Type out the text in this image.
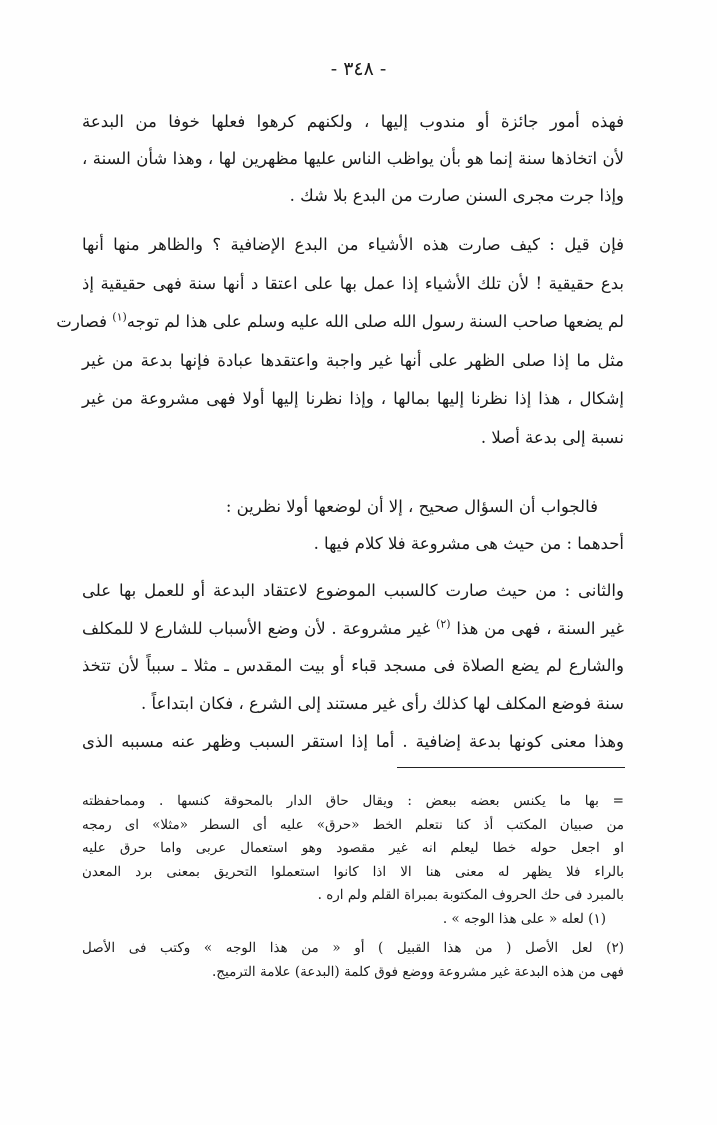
- ٣٤٨ -
فهذه أمور جائزة أو مندوب إليها ، ولكنهم كرهوا فعلها خوفا من البدعة
لأن اتخاذها سنة إنما هو بأن يواظب الناس عليها مظهرين لها ، وهذا شأن السنة ،
وإذا جرت مجرى السنن صارت من البدع بلا شك .
فإن قيل : كيف صارت هذه الأشياء من البدع الإضافية ؟ والظاهر منها أنها
بدع حقيقية ! لأن تلك الأشياء إذا عمل بها على اعتقا د أنها سنة فهى حقيقية إذ
لم يضعها صاحب السنة رسول الله صلى الله عليه وسلم على هذا لم توجه$^{(١)}$ فصارت
مثل ما إذا صلى الظهر على أنها غير واجبة واعتقدها عبادة فإنها بدعة من غير
إشكال ، هذا إذا نظرنا إليها بمالها ، وإذا نظرنا إليها أولا فهى مشروعة من غير
نسبة إلى بدعة أصلا .
فالجواب أن السؤال صحيح ، إلا أن لوضعها أولا نظرين :
أحدهما : من حيث هى مشروعة فلا كلام فيها .
والثانى : من حيث صارت كالسبب الموضوع لاعتقاد البدعة أو للعمل بها على
غير السنة ، فهى من هذا $^{(٢)}$ غير مشروعة . لأن وضع الأسباب للشارع لا للمكلف
والشارع لم يضع الصلاة فى مسجد قباء أو بيت المقدس ـ مثلا ـ سبباً لأن تتخذ
سنة فوضع المكلف لها كذلك رأى غير مستند إلى الشرع ، فكان ابتداعاً .
وهذا معنى كونها بدعة إضافية . أما إذا استقر السبب وظهر عنه مسببه الذى
= بها ما يكنس بعضه ببعض : ويقال حاق الدار بالمحوقة كنسها . ومماحفظته
من صبيان المكتب أذ كنا نتعلم الخط «حرق» عليه أى السطر «مثلا» اى رمجه
او اجعل حوله خطا ليعلم انه غير مقصود وهو استعمال عربى واما حرق عليه
بالراء فلا يظهر له معنى هنا الا اذا كانوا استعملوا التحريق بمعنى برد المعدن
بالمبرد فى حك الحروف المكتوبة بمبراة القلم ولم اره .
(١) لعله « على هذا الوجه » .
(٢) لعل الأصل ( من هذا القبيل ) أو « من هذا الوجه » وكتب فى الأصل
فهى من هذه البدعة غير مشروعة ووضع فوق كلمة (البدعة) علامة الترميج.
